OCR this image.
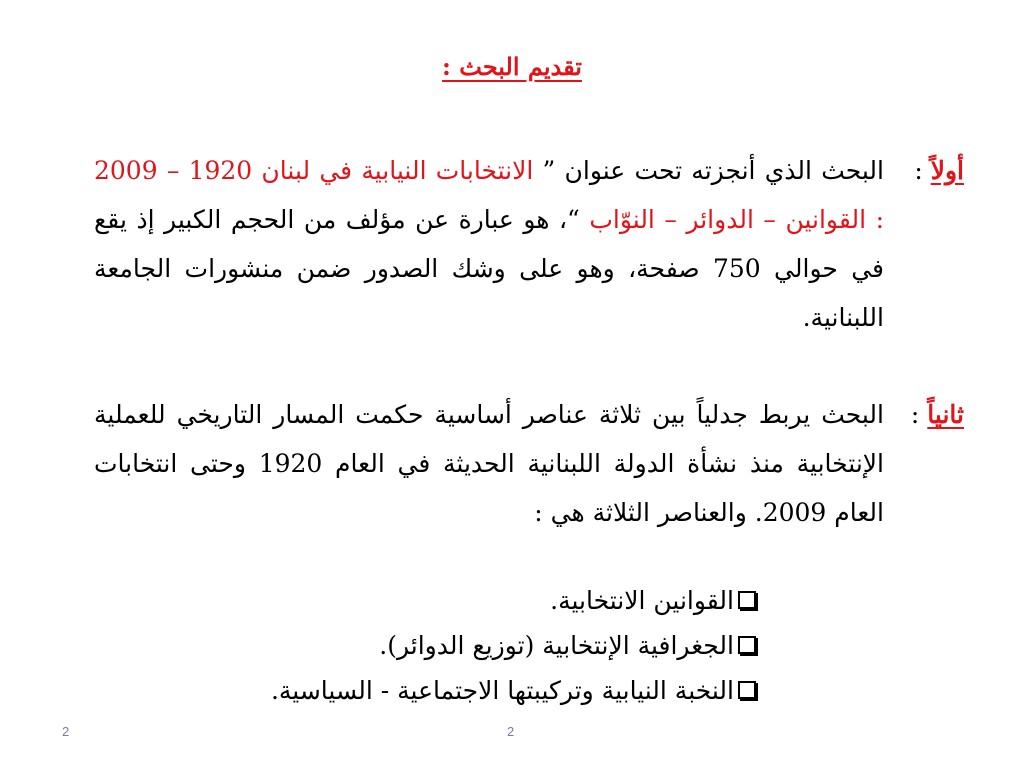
تقديم البحث :
أولاً :البحث الذي أنجزته تحت عنوان ” الانتخابات النيابية في لبنان 1920 – 2009 : القوانين – الدوائر – النوّاب “، هو عبارة عن مؤلف من الحجم الكبير إذ يقع في حوالي 750 صفحة، وهو على وشك الصدور ضمن منشورات الجامعة اللبنانية.
ثانياً :البحث يربط جدلياً بين ثلاثة عناصر أساسية حكمت المسار التاريخي للعملية الإنتخابية منذ نشأة الدولة اللبنانية الحديثة في العام 1920 وحتى انتخابات العام 2009. والعناصر الثلاثة هي :
القوانين الانتخابية.
الجغرافية الإنتخابية (توزيع الدوائر).
النخبة النيابية وتركيبتها الاجتماعية - السياسية.
2	2
